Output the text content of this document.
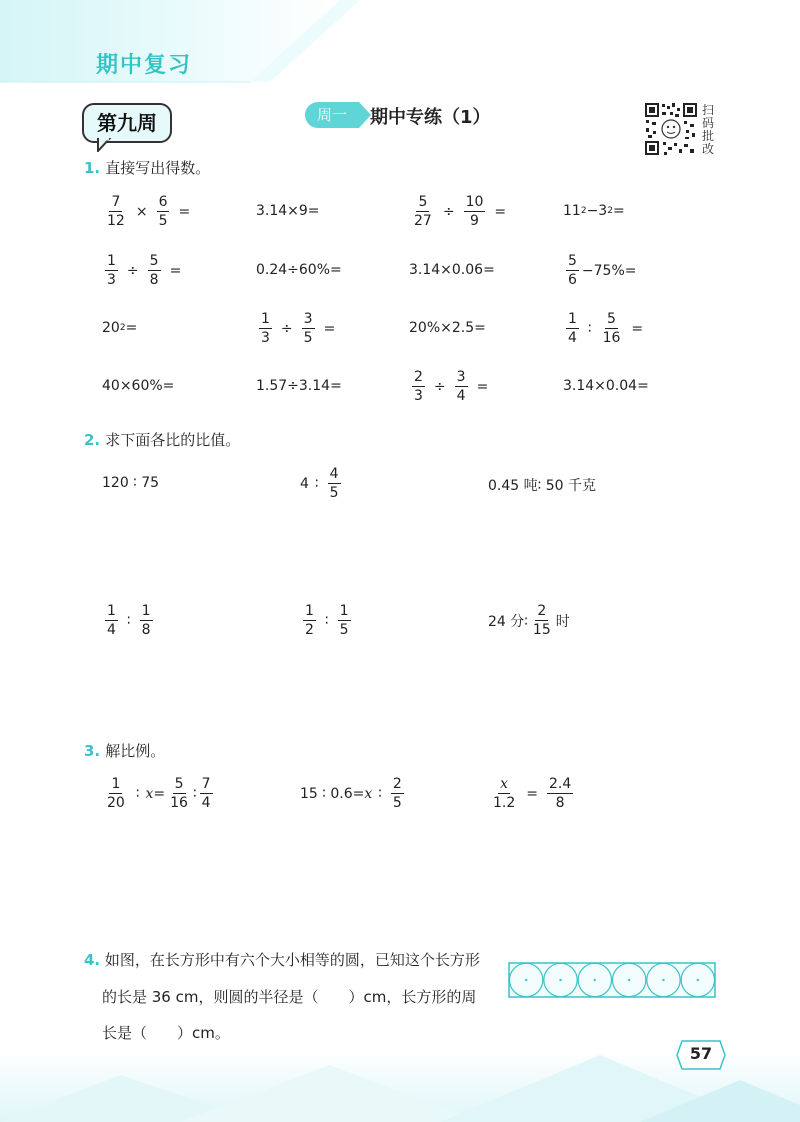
期中复习
第九周	周一	期中专练（1）	扫
码
批
改
1. 直接写出得数。
$\frac{7}{12} \times \frac{6}{5}$ =	3.14×9=	$\frac{5}{27} \div \frac{10}{9}$ =	11 2 − 3 2 =
$\frac{1}{3} \div \frac{5}{8}$ =	0.24÷60%=	3.14×0.06=	$\frac{5}{6} -75\%=$
20 2 =	$\frac{1}{3} \div \frac{3}{5}$ =	20%×2.5=	$\frac{1}{4}$ ∶ $\frac{5}{16}$ =
40×60%=	1.57÷3.14=	$\frac{2}{3} \div \frac{3}{4}$ =	3.14×0.04=
2. 求下面各比的比值。
120 ∶ 75	4 ∶ $\frac{4}{5}$	0.45 吨∶ 50 千克
$\frac{1}{4}$ ∶ $\frac{1}{8}$	$\frac{1}{2}$ ∶ $\frac{1}{5}$	24 分∶ $\frac{2}{15}$ 时
3. 解比例。
$\frac{1}{20}$ ∶ $x = \frac{5}{16}$ ∶ $\frac{7}{4}$	15 ∶ 0.6= x ∶ $\frac{2}{5}$	$\frac{x}{1.2} = \frac{2.4}{8}$
4. 如图，在长方形中有六个大小相等的圆，已知这个长方形
的长是 36 cm，则圆的半径是（　　）cm，长方形的周
长是（　　）cm。
57
